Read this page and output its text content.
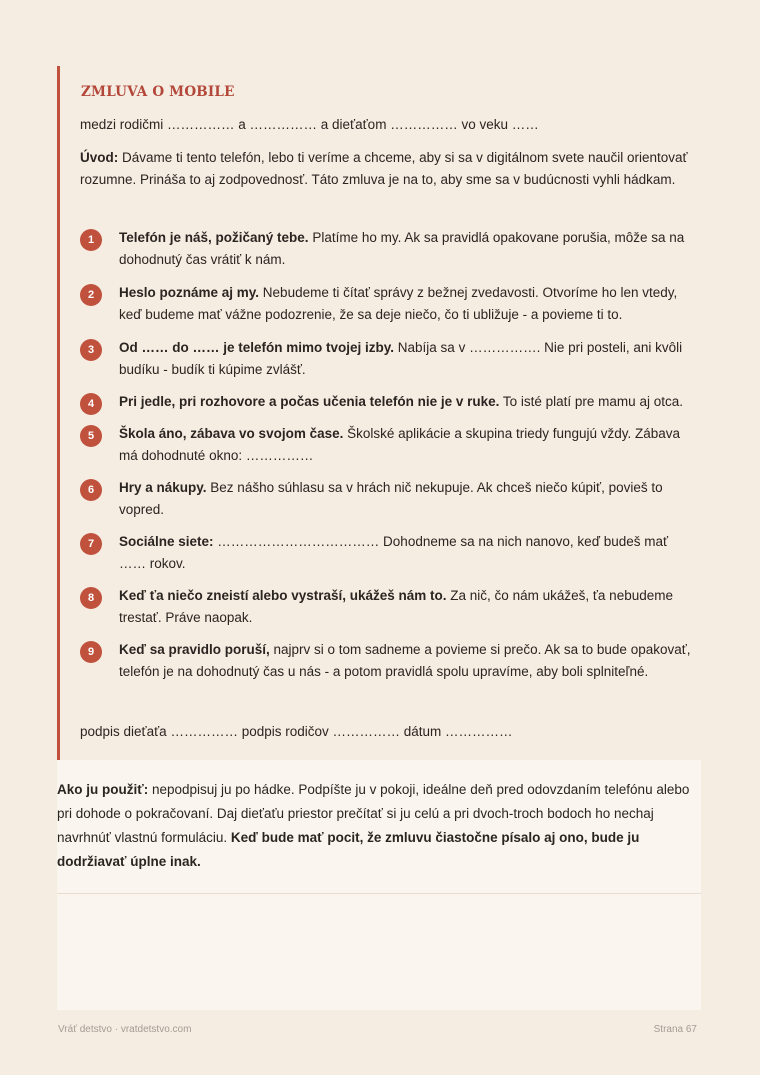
ZMLUVA O MOBILE
medzi rodičmi …………… a …………… a dieťaťom …………… vo veku ……
Úvod: Dávame ti tento telefón, lebo ti veríme a chceme, aby si sa v digitálnom svete naučil orientovať rozumne. Prináša to aj zodpovednosť. Táto zmluva je na to, aby sme sa v budúcnosti vyhli hádkam.
1	Telefón je náš, požičaný tebe. Platíme ho my. Ak sa pravidlá opakovane porušia, môže sa na dohodnutý čas vrátiť k nám.
2	Heslo poznáme aj my. Nebudeme ti čítať správy z bežnej zvedavosti. Otvoríme ho len vtedy, keď budeme mať vážne podozrenie, že sa deje niečo, čo ti ubližuje - a povieme ti to.
3	Od …… do …… je telefón mimo tvojej izby. Nabíja sa v ……………. Nie pri posteli, ani kvôli budíku - budík ti kúpime zvlášť.
4	Pri jedle, pri rozhovore a počas učenia telefón nie je v ruke. To isté platí pre mamu aj otca.
5	Škola áno, zábava vo svojom čase. Školské aplikácie a skupina triedy fungujú vždy. Zábava má dohodnuté okno: ……………
6	Hry a nákupy. Bez nášho súhlasu sa v hrách nič nekupuje. Ak chceš niečo kúpiť, povieš to vopred.
7	Sociálne siete: ……………………………… Dohodneme sa na nich nanovo, keď budeš mať …… rokov.
8	Keď ťa niečo zneistí alebo vystraší, ukážeš nám to. Za nič, čo nám ukážeš, ťa nebudeme trestať. Práve naopak.
9	Keď sa pravidlo poruší, najprv si o tom sadneme a povieme si prečo. Ak sa to bude opakovať, telefón je na dohodnutý čas u nás - a potom pravidlá spolu upravíme, aby boli splniteľné.
podpis dieťaťa …………… podpis rodičov …………… dátum ……………
Ako ju použiť: nepodpisuj ju po hádke. Podpíšte ju v pokoji, ideálne deň pred odovzdaním telefónu alebo pri dohode o pokračovaní. Daj dieťaťu priestor prečítať si ju celú a pri dvoch-troch bodoch ho nechaj navrhnúť vlastnú formuláciu. Keď bude mať pocit, že zmluvu čiastočne písalo aj ono, bude ju dodržiavať úplne inak.
Vráť detstvo · vratdetstvo.com	Strana 67
